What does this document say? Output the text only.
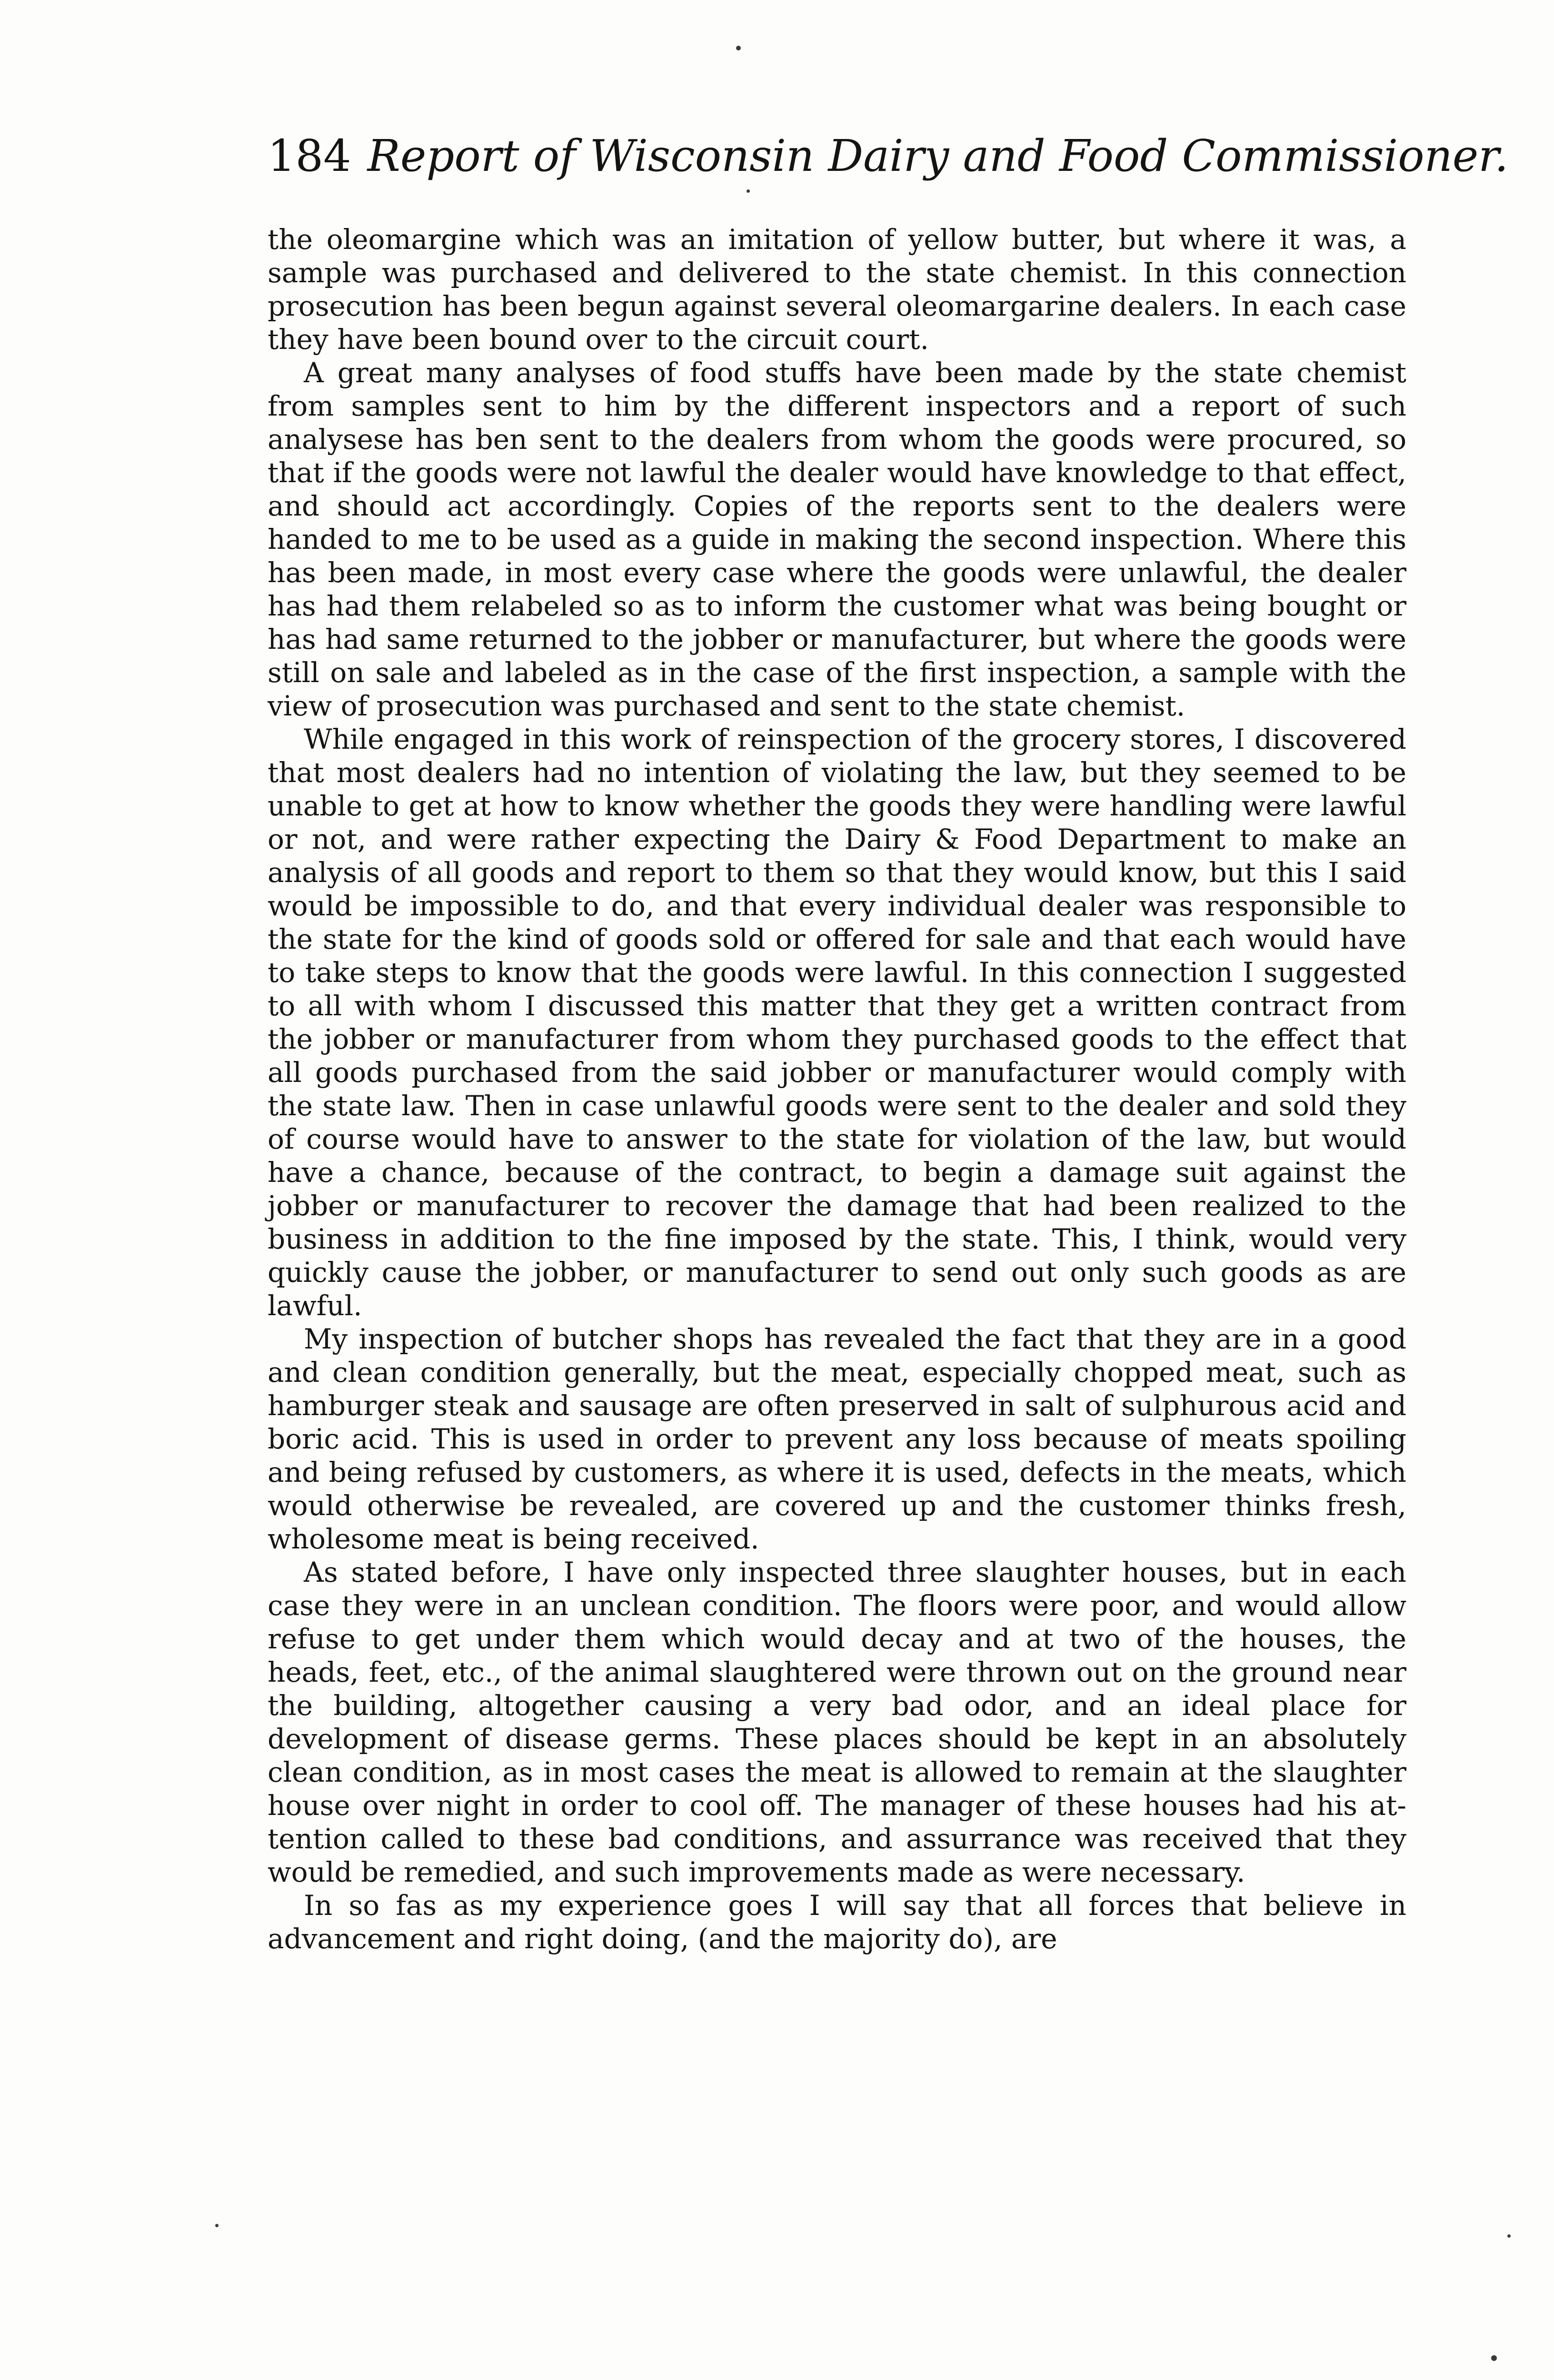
184 Report of Wisconsin Dairy and Food Commissioner.

the oleomargine which was an imitation of yellow butter, but where it was, a sample was purchased and delivered to the state chemist. In this connection prosecution has been begun against several oleomargarine dealers. In each case they have been bound over to the circuit court.

A great many analyses of food stuffs have been made by the state chemist from samples sent to him by the different inspectors and a report of such analysese has ben sent to the dealers from whom the goods were procured, so that if the goods were not lawful the dealer would have knowledge to that effect, and should act accordingly. Copies of the reports sent to the dealers were handed to me to be used as a guide in making the second inspection. Where this has been made, in most every case where the goods were unlawful, the dealer has had them relabeled so as to inform the customer what was being bought or has had same returned to the jobber or manufacturer, but where the goods were still on sale and labeled as in the case of the first inspection, a sample with the view of prosecution was purchased and sent to the state chemist.

While engaged in this work of reinspection of the grocery stores, I discovered that most dealers had no intention of violating the law, but they seemed to be unable to get at how to know whether the goods they were handling were lawful or not, and were rather expecting the Dairy & Food Department to make an analysis of all goods and report to them so that they would know, but this I said would be impossible to do, and that every individual dealer was responsible to the state for the kind of goods sold or offered for sale and that each would have to take steps to know that the goods were lawful. In this connection I suggested to all with whom I discussed this matter that they get a written contract from the jobber or manufacturer from whom they purchased goods to the effect that all goods purchased from the said jobber or manufacturer would comply with the state law. Then in case unlawful goods were sent to the dealer and sold they of course would have to answer to the state for violation of the law, but would have a chance, because of the contract, to begin a damage suit against the jobber or manufacturer to recover the damage that had been realized to the business in addition to the fine imposed by the state. This, I think, would very quickly cause the jobber, or manufacturer to send out only such goods as are lawful.

My inspection of butcher shops has revealed the fact that they are in a good and clean condition generally, but the meat, especially chopped meat, such as hamburger steak and sausage are often preserved in salt of sulphurous acid and boric acid. This is used in order to prevent any loss because of meats spoiling and being refused by customers, as where it is used, defects in the meats, which would otherwise be revealed, are covered up and the customer thinks fresh, wholesome meat is being received.

As stated before, I have only inspected three slaughter houses, but in each case they were in an unclean condition. The floors were poor, and would allow refuse to get under them which would decay and at two of the houses, the heads, feet, etc., of the animal slaughtered were thrown out on the ground near the building, altogether causing a very bad odor, and an ideal place for development of disease germs. These places should be kept in an absolutely clean condition, as in most cases the meat is allowed to remain at the slaughter house over night in order to cool off. The manager of these houses had his attention called to these bad conditions, and assurrance was received that they would be remedied, and such improvements made as were necessary.

In so fas as my experience goes I will say that all forces that believe in advancement and right doing, (and the majority do), are
